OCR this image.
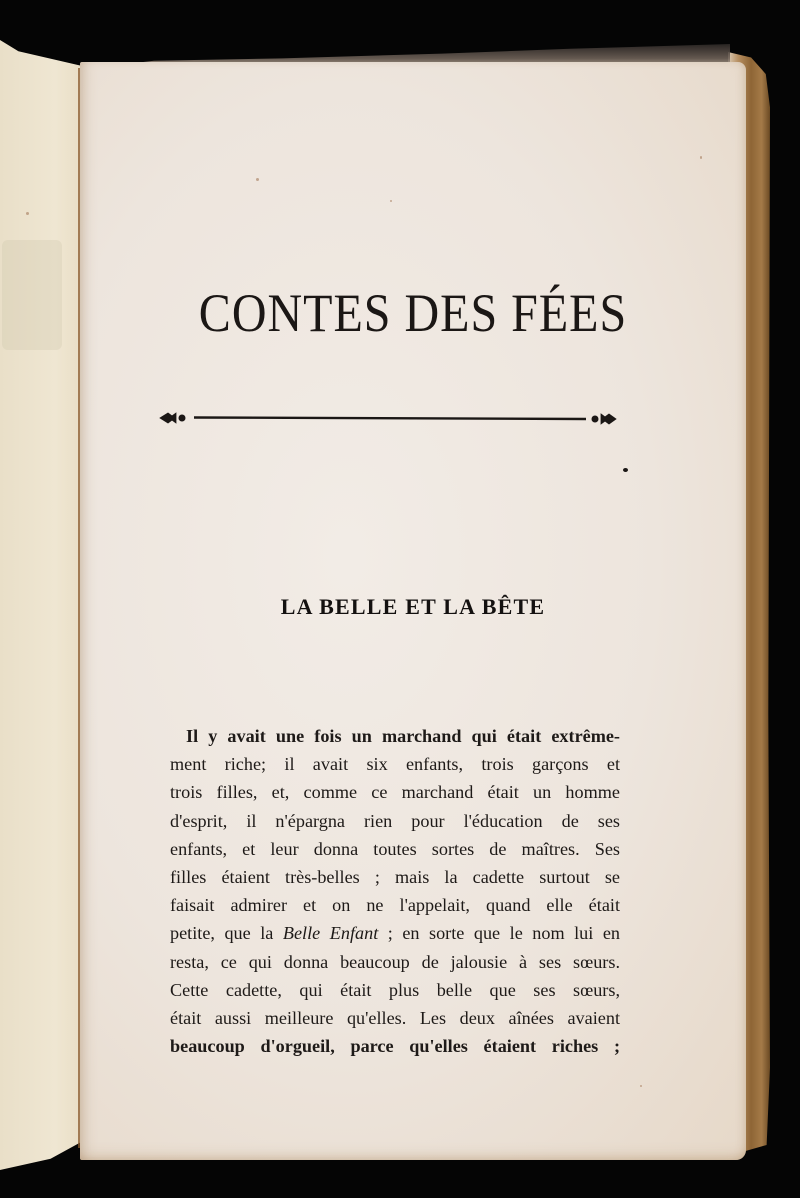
CONTES DES FÉES
LA BELLE ET LA BÊTE
Il y avait une fois un marchand qui était extrême-
ment riche; il avait six enfants, trois garçons et
trois filles, et, comme ce marchand était un homme
d'esprit, il n'épargna rien pour l'éducation de ses
enfants, et leur donna toutes sortes de maîtres. Ses
filles étaient très-belles ; mais la cadette surtout se
faisait admirer et on ne l'appelait, quand elle était
petite, que la Belle Enfant ; en sorte que le nom lui en
resta, ce qui donna beaucoup de jalousie à ses sœurs.
Cette cadette, qui était plus belle que ses sœurs,
était aussi meilleure qu'elles. Les deux aînées avaient
beaucoup d'orgueil, parce qu'elles étaient riches ;
